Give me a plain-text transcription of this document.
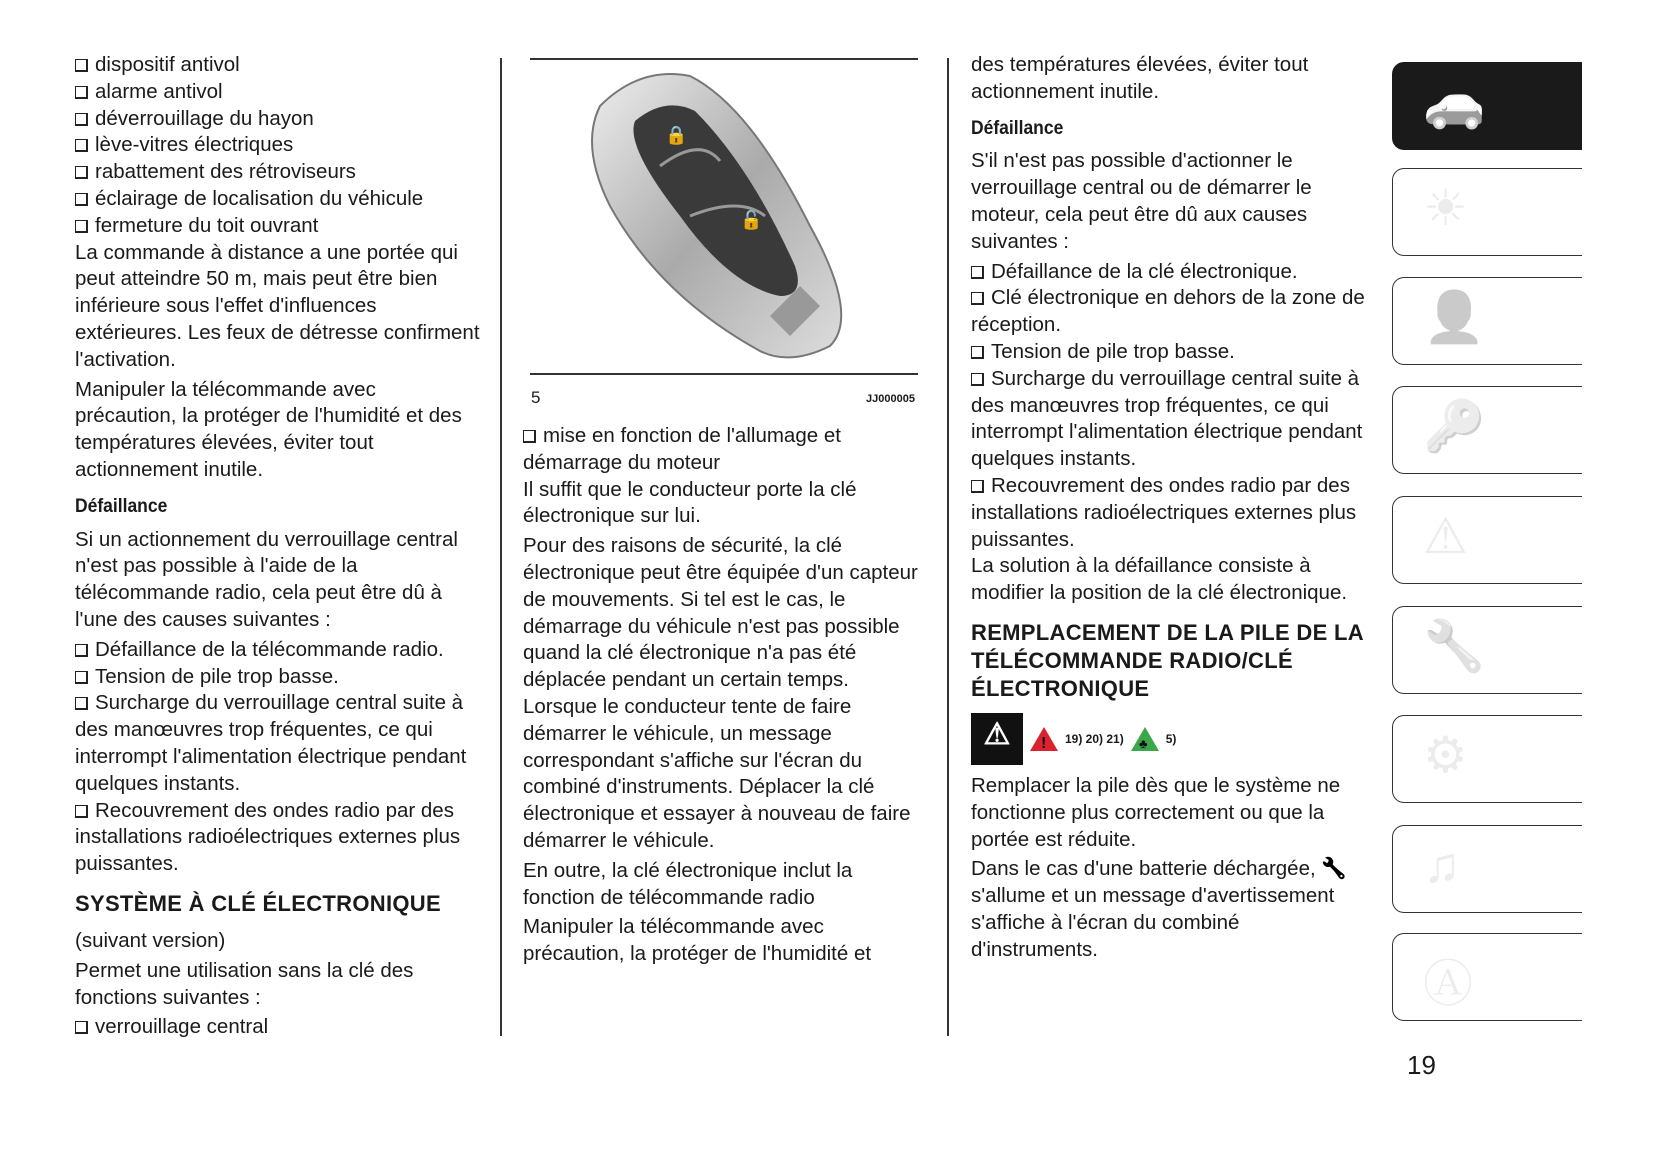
🔒
🔓
5	JJ000005
dispositif antivol
alarme antivol
déverrouillage du hayon
lève-vitres électriques
rabattement des rétroviseurs
éclairage de localisation du véhicule
fermeture du toit ouvrant
La commande à distance a une portée qui peut atteindre 50 m, mais peut être bien inférieure sous l'effet d'influences extérieures. Les feux de détresse confirment l'activation.
Manipuler la télécommande avec précaution, la protéger de l'humidité et des températures élevées, éviter tout actionnement inutile.
Défaillance
Si un actionnement du verrouillage central n'est pas possible à l'aide de la télécommande radio, cela peut être dû à l'une des causes suivantes :
Défaillance de la télécommande radio.
Tension de pile trop basse.
Surcharge du verrouillage central suite à des manœuvres trop fréquentes, ce qui interrompt l'alimentation électrique pendant quelques instants.
Recouvrement des ondes radio par des installations radioélectriques externes plus puissantes.
SYSTÈME À CLÉ ÉLECTRONIQUE
(suivant version)
Permet une utilisation sans la clé des fonctions suivantes :
verrouillage central
mise en fonction de l'allumage et démarrage du moteur
Il suffit que le conducteur porte la clé électronique sur lui.
Pour des raisons de sécurité, la clé électronique peut être équipée d'un capteur de mouvements. Si tel est le cas, le démarrage du véhicule n'est pas possible quand la clé électronique n'a pas été déplacée pendant un certain temps. Lorsque le conducteur tente de faire démarrer le véhicule, un message correspondant s'affiche sur l'écran du combiné d'instruments. Déplacer la clé électronique et essayer à nouveau de faire démarrer le véhicule.
En outre, la clé électronique inclut la fonction de télécommande radio
Manipuler la télécommande avec précaution, la protéger de l'humidité et
des températures élevées, éviter tout actionnement inutile.
Défaillance
S'il n'est pas possible d'actionner le verrouillage central ou de démarrer le moteur, cela peut être dû aux causes suivantes :
Défaillance de la clé électronique.
Clé électronique en dehors de la zone de réception.
Tension de pile trop basse.
Surcharge du verrouillage central suite à des manœuvres trop fréquentes, ce qui interrompt l'alimentation électrique pendant quelques instants.
Recouvrement des ondes radio par des installations radioélectriques externes plus puissantes.
La solution à la défaillance consiste à modifier la position de la clé électronique.
REMPLACEMENT DE LA PILE DE LA TÉLÉCOMMANDE RADIO/CLÉ ÉLECTRONIQUE
⚠	! 19) 20) 21) ♣ 5)
Remplacer la pile dès que le système ne fonctionne plus correctement ou que la portée est réduite.
Dans le cas d'une batterie déchargée, 🔧 s'allume et un message d'avertissement s'affiche à l'écran du combiné d'instruments.
🚗
☀
👤
🔑
⚠
🔧
⚙
♫
Ⓐ
19
